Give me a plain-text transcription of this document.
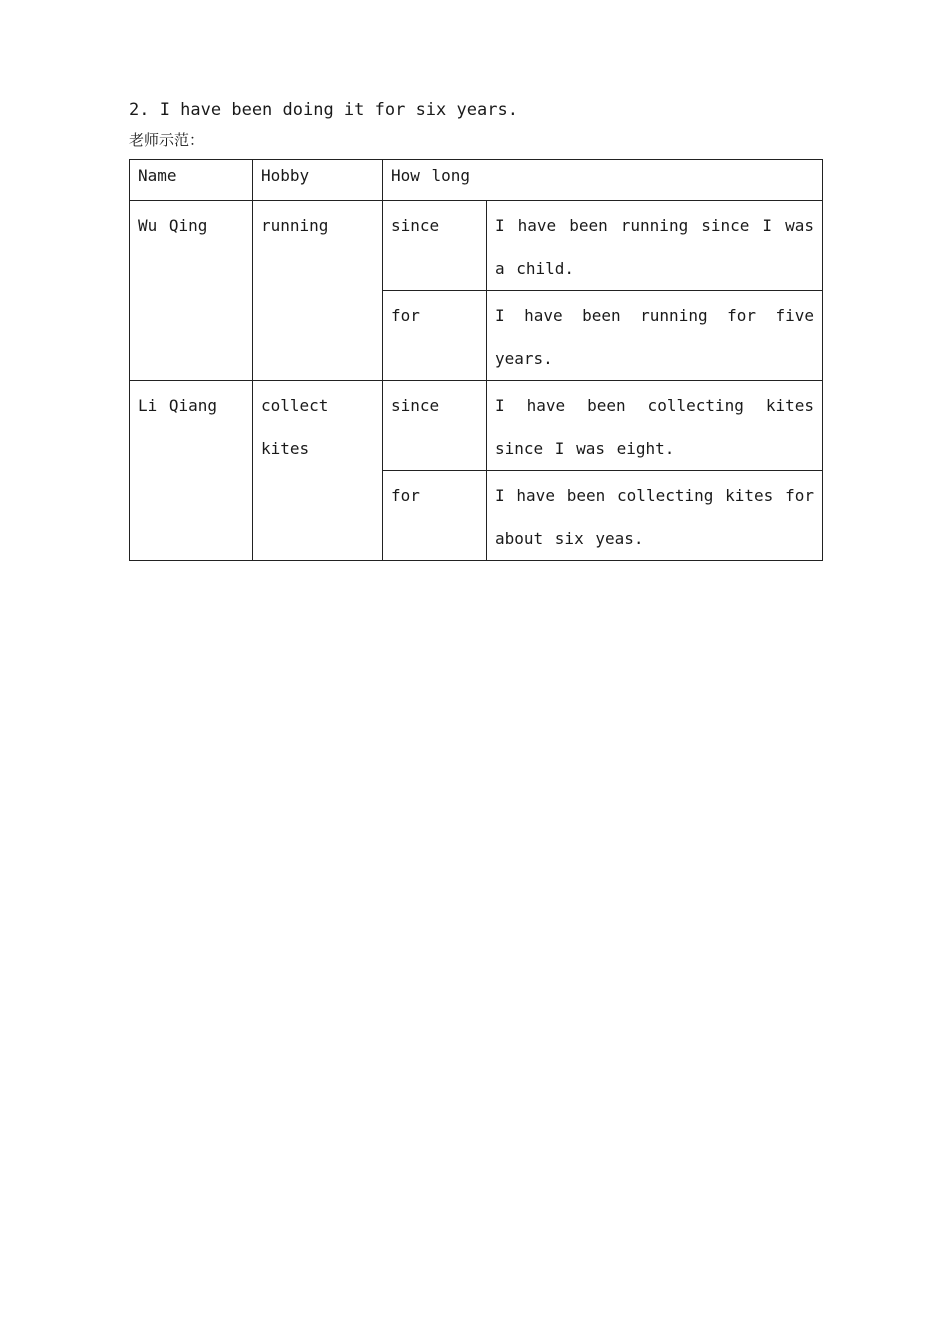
2. I have been doing it for six years.
老师示范：
Name	Hobby	How long	
Wu Qing	running	since	I have been running since I was a child.
		for	I have been running for five years.
Li Qiang	collect kites	since	I have been collecting kites since I was eight.
		for	I have been collecting kites for about six yeas.
